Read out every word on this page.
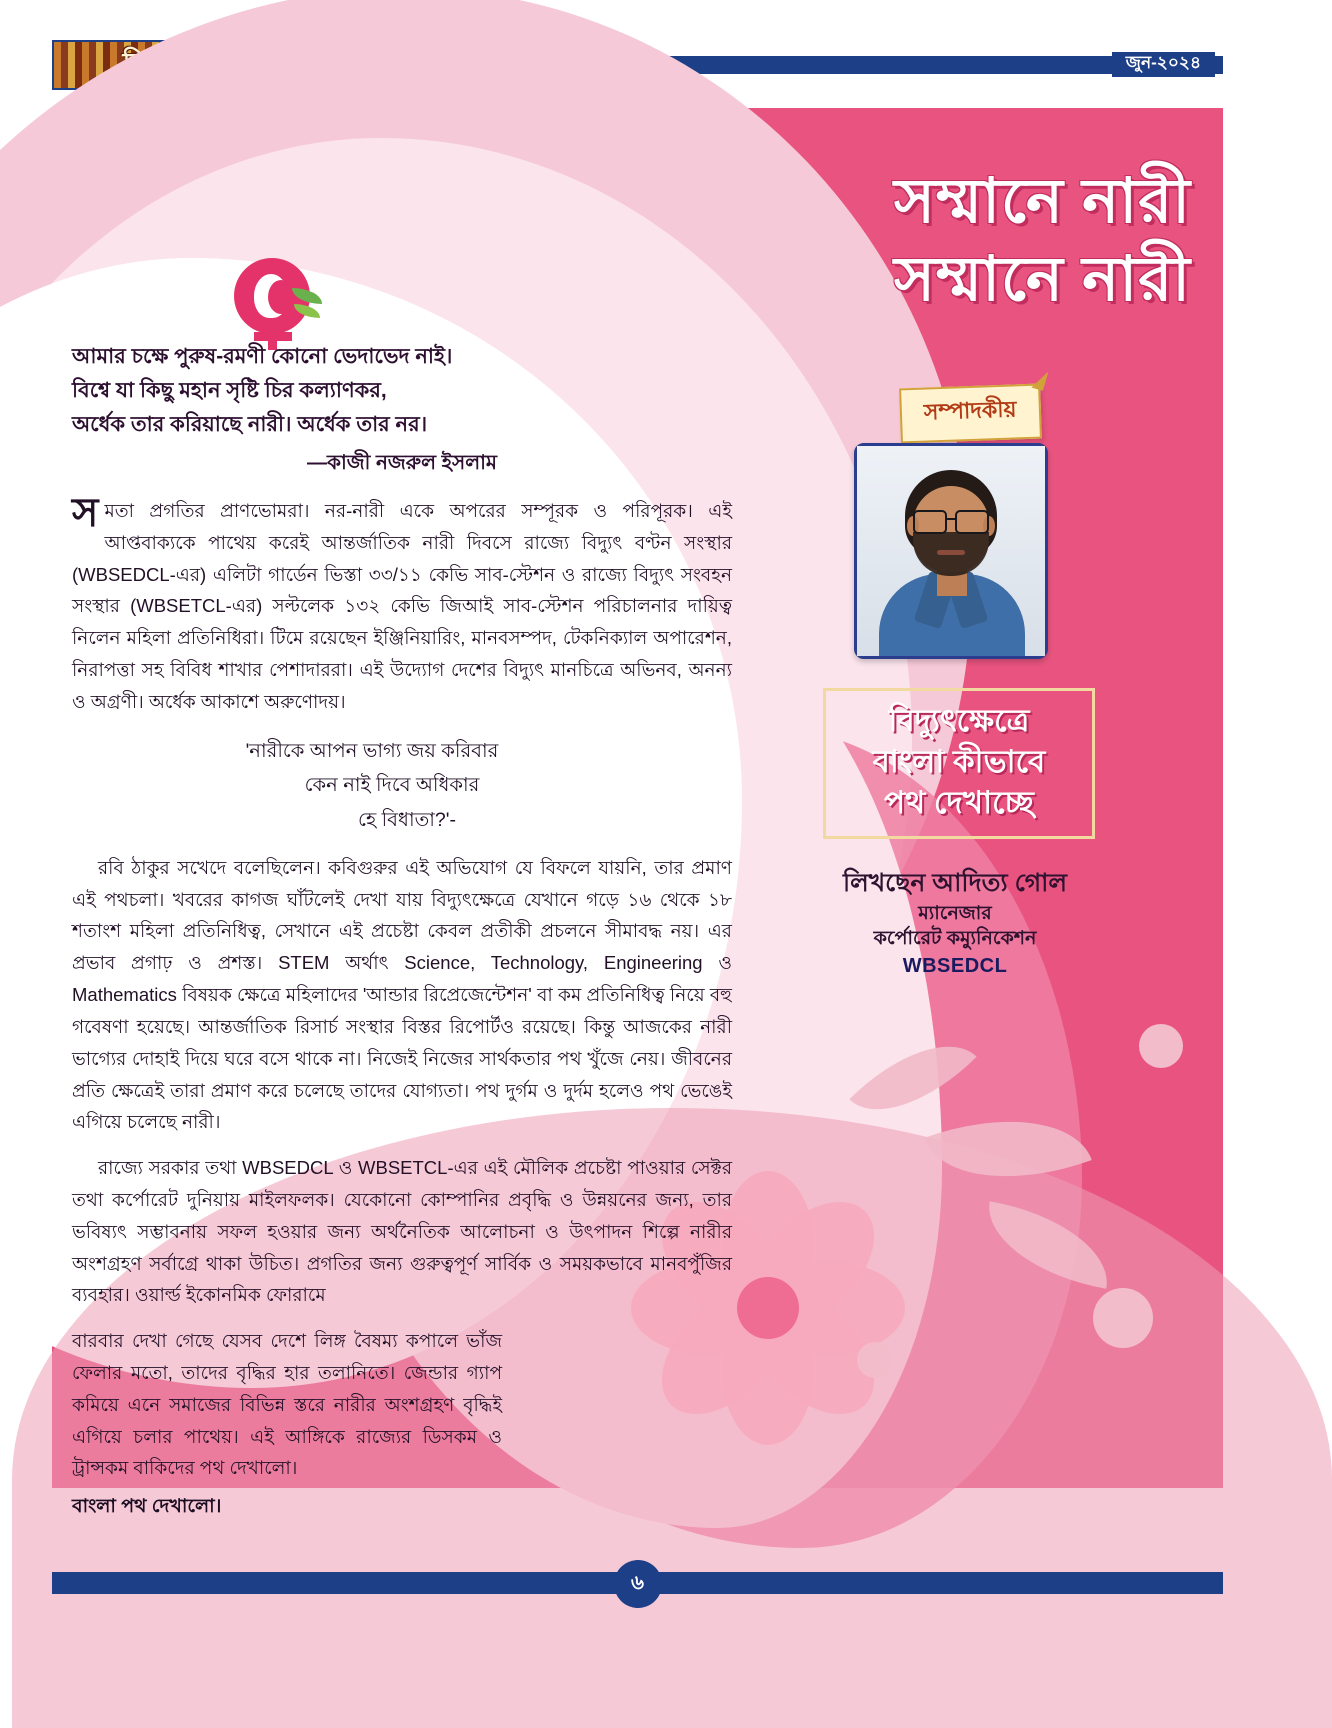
জুন-২০২৪
সম্মানে নারী
সম্মানে নারী
সম্পাদকীয়
বিদ্যুৎক্ষেত্রে
বাংলা কীভাবে
পথ দেখাচ্ছে
লিখছেন আদিত্য গোল
ম্যানেজার
কর্পোরেট কম্যুনিকেশন
WBSEDCL
আমার চক্ষে পুরুষ-রমণী কোনো ভেদাভেদ নাই।
বিশ্বে যা কিছু মহান সৃষ্টি চির কল্যাণকর,
অর্ধেক তার করিয়াছে নারী। অর্ধেক তার নর।
—কাজী নজরুল ইসলাম
সমতা প্রগতির প্রাণভোমরা। নর-নারী একে অপরের সম্পূরক ও পরিপূরক। এই আপ্তবাক্যকে পাথেয় করেই আন্তর্জাতিক নারী দিবসে রাজ্যে বিদ্যুৎ বণ্টন সংস্থার (WBSEDCL-এর) এলিটা গার্ডেন ভিস্তা ৩৩/১১ কেভি সাব-স্টেশন ও রাজ্যে বিদ্যুৎ সংবহন সংস্থার (WBSETCL-এর) সল্টলেক ১৩২ কেভি জিআই সাব-স্টেশন পরিচালনার দায়িত্ব নিলেন মহিলা প্রতিনিধিরা। টিমে রয়েছেন ইঞ্জিনিয়ারিং, মানবসম্পদ, টেকনিক্যাল অপারেশন, নিরাপত্তা সহ বিবিধ শাখার পেশাদাররা। এই উদ্যোগ দেশের বিদ্যুৎ মানচিত্রে অভিনব, অনন্য ও অগ্রণী। অর্ধেক আকাশে অরুণোদয়।
'নারীকে আপন ভাগ্য জয় করিবার
কেন নাই দিবে অধিকার
হে বিধাতা?'-
রবি ঠাকুর সখেদে বলেছিলেন। কবিগুরুর এই অভিযোগ যে বিফলে যায়নি, তার প্রমাণ এই পথচলা। খবরের কাগজ ঘাঁটলেই দেখা যায় বিদ্যুৎক্ষেত্রে যেখানে গড়ে ১৬ থেকে ১৮ শতাংশ মহিলা প্রতিনিধিত্ব, সেখানে এই প্রচেষ্টা কেবল প্রতীকী প্রচলনে সীমাবদ্ধ নয়। এর প্রভাব প্রগাঢ় ও প্রশস্ত। STEM অর্থাৎ Science, Technology, Engineering ও Mathematics বিষয়ক ক্ষেত্রে মহিলাদের 'আন্ডার রিপ্রেজেন্টেশন' বা কম প্রতিনিধিত্ব নিয়ে বহু গবেষণা হয়েছে। আন্তর্জাতিক রিসার্চ সংস্থার বিস্তর রিপোর্টও রয়েছে। কিন্তু আজকের নারী ভাগ্যের দোহাই দিয়ে ঘরে বসে থাকে না। নিজেই নিজের সার্থকতার পথ খুঁজে নেয়। জীবনের প্রতি ক্ষেত্রেই তারা প্রমাণ করে চলেছে তাদের যোগ্যতা। পথ দুর্গম ও দুর্দম হলেও পথ ভেঙেই এগিয়ে চলেছে নারী।
রাজ্যে সরকার তথা WBSEDCL ও WBSETCL-এর এই মৌলিক প্রচেষ্টা পাওয়ার সেক্টর তথা কর্পোরেট দুনিয়ায় মাইলফলক। যেকোনো কোম্পানির প্রবৃদ্ধি ও উন্নয়নের জন্য, তার ভবিষ্যৎ সম্ভাবনায় সফল হওয়ার জন্য অর্থনৈতিক আলোচনা ও উৎপাদন শিল্পে নারীর অংশগ্রহণ সর্বাগ্রে থাকা উচিত। প্রগতির জন্য গুরুত্বপূর্ণ সার্বিক ও সময়কভাবে মানবপুঁজির ব্যবহার। ওয়ার্ল্ড ইকোনমিক ফোরামে
বারবার দেখা গেছে যেসব দেশে লিঙ্গ বৈষম্য কপালে ভাঁজ ফেলার মতো, তাদের বৃদ্ধির হার তলানিতে। জেন্ডার গ্যাপ কমিয়ে এনে সমাজের বিভিন্ন স্তরে নারীর অংশগ্রহণ বৃদ্ধিই এগিয়ে চলার পাথেয়। এই আঙ্গিকে রাজ্যের ডিসকম ও ট্রান্সকম বাকিদের পথ দেখালো।
বাংলা পথ দেখালো।
৬
